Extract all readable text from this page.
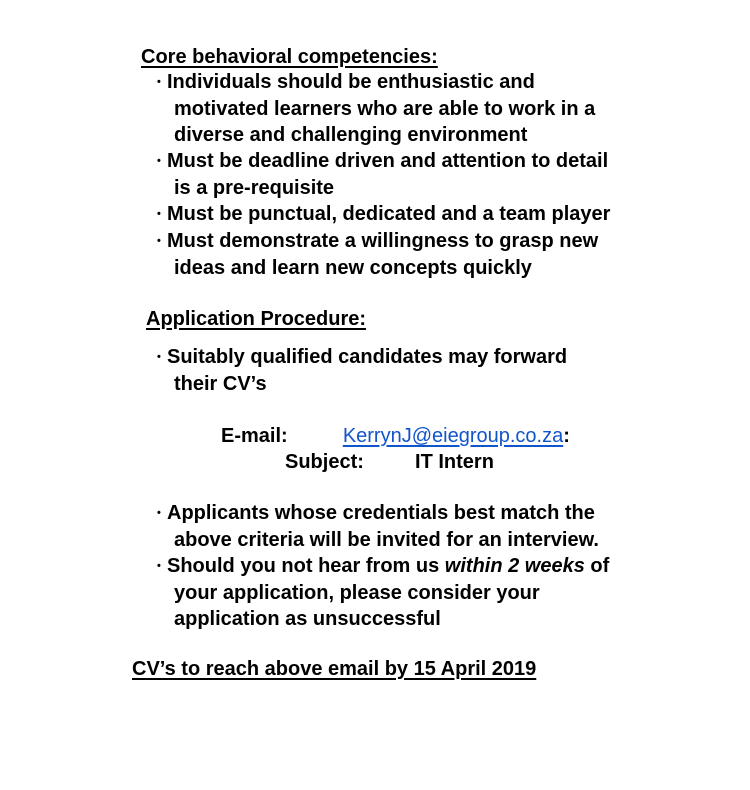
Core behavioral competencies:
• Individuals should be enthusiastic and
motivated learners who are able to work in a
diverse and challenging environment
• Must be deadline driven and attention to detail
is a pre-requisite
• Must be punctual, dedicated and a team player
• Must demonstrate a willingness to grasp new
ideas and learn new concepts quickly
Application Procedure:
• Suitably qualified candidates may forward
their CV’s
E-mail:	KerrynJ@eiegroup.co.za:
Subject:	IT Intern
• Applicants whose credentials best match the
above criteria will be invited for an interview.
• Should you not hear from us within 2 weeks of
your application, please consider your
application as unsuccessful
CV’s to reach above email by 15 April 2019
